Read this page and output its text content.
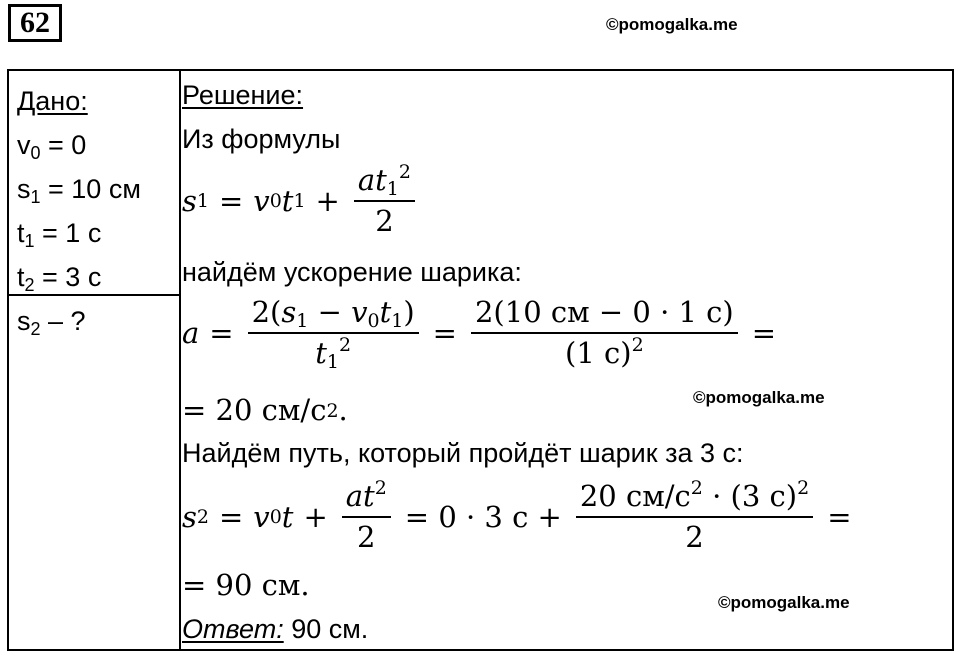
62	©pomogalka.me
©pomogalka.me
©pomogalka.me
Дано:
$v_0 = 0$
$s_1 = 10$ см
$t_1 = 1$ с
$t_2 = 3$ с
$s_2$ – ?
Решение:
Из формулы
s 1 = v 0 t $1 + \frac{at_1^2}{2}$
найдём ускорение шарика:
$a = \frac{2(s_1 - v_0t_1)}{t_1^2} = \frac{2(10 см - 0 \cdot 1 с)}{(1 с)^2}$ =
= 20 см/с 2 .
Найдём путь, который пройдёт шарик за 3 с:
s 2 = v 0 $t + \frac{at^2}{2} = 0 \cdot 3$ $с + \frac{20 см/с^2 \cdot (3 с)^2}{2}$ =
= 90 см.
Ответ: 90 см.
